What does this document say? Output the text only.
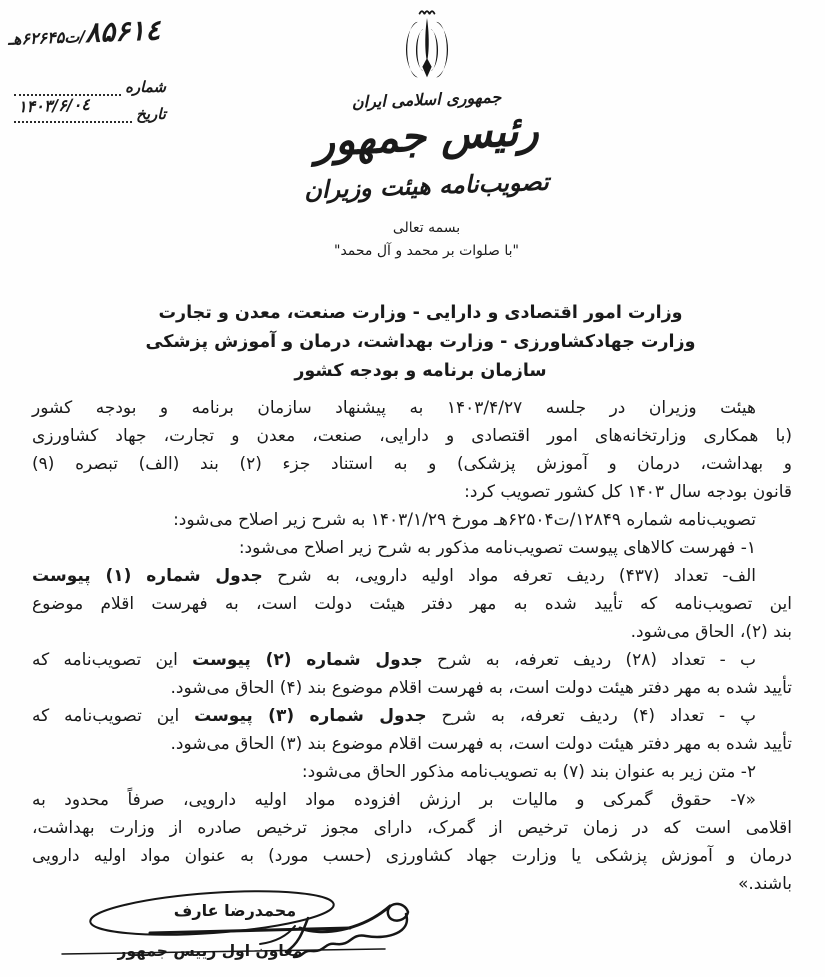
۸۵۶۱٤/ت۶۲۶۴۵هـ
شماره
تاریخ
۱۴۰۳/۶/۰٤	جمهوری اسلامی ایران
رئیس جمهور
تصویب‌نامه هیئت وزیران
بسمه تعالی
"با صلوات بر محمد و آل محمد"
وزارت امور اقتصادی و دارایی - وزارت صنعت، معدن و تجارت
وزارت جهادکشاورزی - وزارت بهداشت، درمان و آموزش پزشکی
سازمان برنامه و بودجه کشور
هیئت وزیران در جلسه ۱۴۰۳/۴/۲۷ به پیشنهاد سازمان برنامه و بودجه کشور
(با همکاری وزارتخانه‌های امور اقتصادی و دارایی، صنعت، معدن و تجارت، جهاد کشاورزی
و بهداشت، درمان و آموزش پزشکی) و به استناد جزء (۲) بند (الف) تبصره (۹)
قانون بودجه سال ۱۴۰۳ کل کشور تصویب کرد:
تصویب‌نامه شماره ۱۲۸۴۹/ت۶۲۵۰۴هـ مورخ ۱۴۰۳/۱/۲۹ به شرح زیر اصلاح می‌شود:
۱- فهرست کالاهای پیوست تصویب‌نامه مذکور به شرح زیر اصلاح می‌شود:
الف- تعداد (۴۳۷) ردیف تعرفه مواد اولیه دارویی، به شرح جدول شماره (۱) پیوست
این تصویب‌نامه که تأیید شده به مهر دفتر هیئت دولت است، به فهرست اقلام موضوع
بند (۲)، الحاق می‌شود.
ب - تعداد (۲۸) ردیف تعرفه، به شرح جدول شماره (۲) پیوست این تصویب‌نامه که
تأیید شده به مهر دفتر هیئت دولت است، به فهرست اقلام موضوع بند (۴) الحاق می‌شود.
پ - تعداد (۴) ردیف تعرفه، به شرح جدول شماره (۳) پیوست این تصویب‌نامه که
تأیید شده به مهر دفتر هیئت دولت است، به فهرست اقلام موضوع بند (۳) الحاق می‌شود.
۲- متن زیر به عنوان بند (۷) به تصویب‌نامه مذکور الحاق می‌شود:
«۷- حقوق گمرکی و مالیات بر ارزش افزوده مواد اولیه دارویی، صرفاً محدود به
اقلامی است که در زمان ترخیص از گمرک، دارای مجوز ترخیص صادره از وزارت بهداشت،
درمان و آموزش پزشکی یا وزارت جهاد کشاورزی (حسب مورد) به عنوان مواد اولیه دارویی
باشند.»
محمدرضا عارف
معاون اول رییس جمهور
